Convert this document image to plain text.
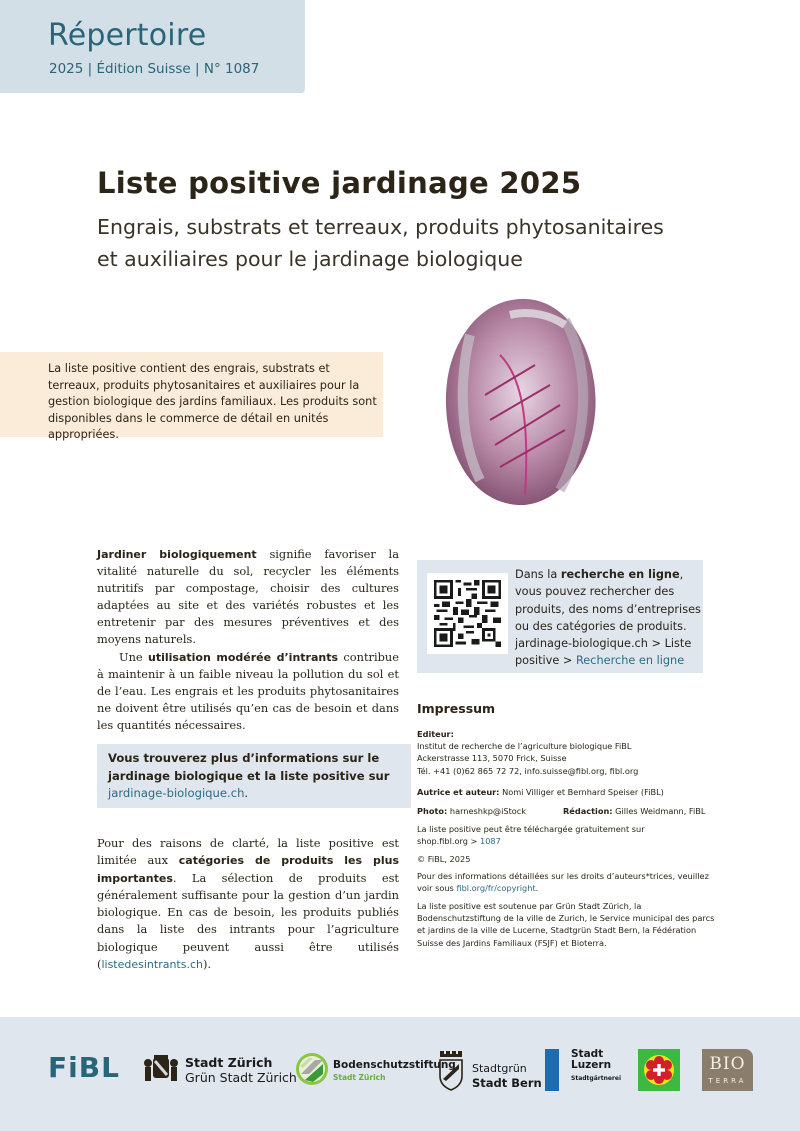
Répertoire
2025 | Édition Suisse | N° 1087
Liste positive jardinage 2025
Engrais, substrats et terreaux, produits phytosanitaires
et auxiliaires pour le jardinage biologique
La liste positive contient des engrais, substrats et terreaux, produits phytosanitaires et auxiliaires pour la gestion biologique des jardins familiaux. Les produits sont disponibles dans le commerce de détail en unités appropriées.

Jardiner biologiquement signifie favoriser la vitalité naturelle du sol, recycler les éléments nutritifs par compostage, choisir des cultures adaptées au site et des variétés robustes et les entretenir par des mesures préventives et des moyens naturels.

Une utilisation modérée d’intrants contribue à maintenir à un faible niveau la pollution du sol et de l’eau. Les engrais et les produits phytosanitaires ne doivent être utilisés qu’en cas de besoin et dans les quantités nécessaires.

Vous trouverez plus d’informations sur le jardinage biologique et la liste positive sur jardinage-biologique.ch.
Pour des raisons de clarté, la liste positive est limitée aux catégories de produits les plus importantes. La sélection de produits est généralement suffisante pour la gestion d’un jardin biologique. En cas de besoin, les produits publiés dans la liste des intrants pour l’agriculture biologique peuvent aussi être utilisés (listedesintrants.ch).
Dans la recherche en ligne, vous pouvez rechercher des produits, des noms d’entreprises ou des catégories de produits. jardinage-biologique.ch > Liste positive > Recherche en ligne
Impressum
Editeur:
Institut de recherche de l’agriculture biologique FiBL
Ackerstrasse 113, 5070 Frick, Suisse
Tél. +41 (0)62 865 72 72, info.suisse@fibl.org, fibl.org
Autrice et auteur: Nomi Villiger et Bernhard Speiser (FiBL)
Photo: harneshkp@iStock	Rédaction: Gilles Weidmann, FiBL
La liste positive peut être téléchargée gratuitement sur shop.fibl.org > 1087
© FiBL, 2025
Pour des informations détaillées sur les droits d’auteurs*trices, veuillez voir sous fibl.org/fr/copyright.
La liste positive est soutenue par Grün Stadt Zürich, la Bodenschutzstiftung de la ville de Zurich, le Service municipal des parcs et jardins de la ville de Lucerne, Stadtgrün Stadt Bern, la Fédération Suisse des Jardins Familiaux (FSJF) et Bioterra.
FiBL	Stadt Zürich
Grün Stadt Zürich
Bodenschutzstiftung
Stadt Zürich
Stadtgrün
Stadt Bern
Stadt
Luzern
Stadtgärtnerei
BIO
TERRA
